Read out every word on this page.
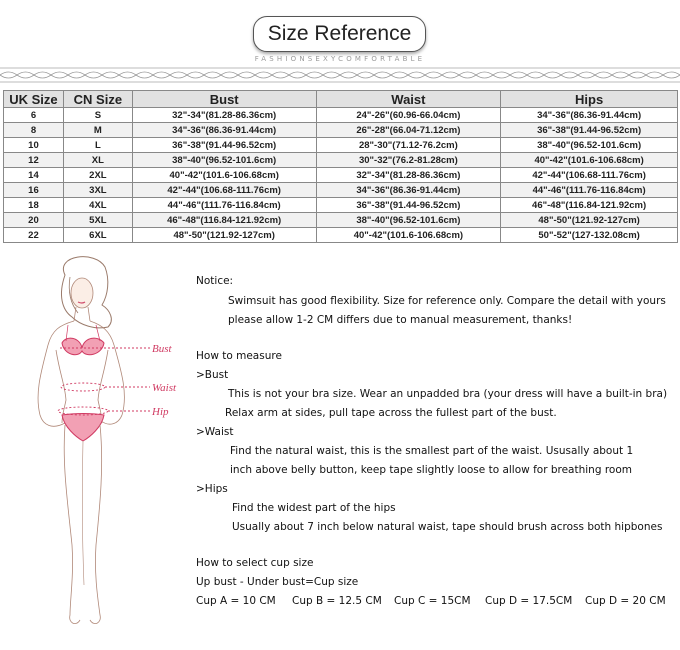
Size Reference
FASHIONSEXYCOMFORTABLE
UK Size	CN Size	Bust	Waist	Hips
6	S	32"-34"(81.28-86.36cm)	24"-26"(60.96-66.04cm)	34"-36"(86.36-91.44cm)
8	M	34"-36"(86.36-91.44cm)	26"-28"(66.04-71.12cm)	36"-38"(91.44-96.52cm)
10	L	36"-38"(91.44-96.52cm)	28"-30"(71.12-76.2cm)	38"-40"(96.52-101.6cm)
12	XL	38"-40"(96.52-101.6cm)	30"-32"(76.2-81.28cm)	40"-42"(101.6-106.68cm)
14	2XL	40"-42"(101.6-106.68cm)	32"-34"(81.28-86.36cm)	42"-44"(106.68-111.76cm)
16	3XL	42"-44"(106.68-111.76cm)	34"-36"(86.36-91.44cm)	44"-46"(111.76-116.84cm)
18	4XL	44"-46"(111.76-116.84cm)	36"-38"(91.44-96.52cm)	46"-48"(116.84-121.92cm)
20	5XL	46"-48"(116.84-121.92cm)	38"-40"(96.52-101.6cm)	48"-50"(121.92-127cm)
22	6XL	48"-50"(121.92-127cm)	40"-42"(101.6-106.68cm)	50"-52"(127-132.08cm)
Bust
Waist
Hip
Notice:
Swimsuit has good flexibility. Size for reference only. Compare the detail with yours
please allow 1-2 CM differs due to manual measurement, thanks!
How to measure
>Bust
This is not your bra size. Wear an unpadded bra (your dress will have a built-in bra)
Relax arm at sides, pull tape across the fullest part of the bust.
>Waist
Find the natural waist, this is the smallest part of the waist. Ususally about 1
inch above belly button, keep tape slightly loose to allow for breathing room
>Hips
Find the widest part of the hips
Usually about 7 inch below natural waist, tape should brush across both hipbones
How to select cup size
Up bust - Under bust=Cup size
Cup A = 10 CM Cup B = 12.5 CM Cup C = 15CM Cup D = 17.5CM Cup D = 20 CM
